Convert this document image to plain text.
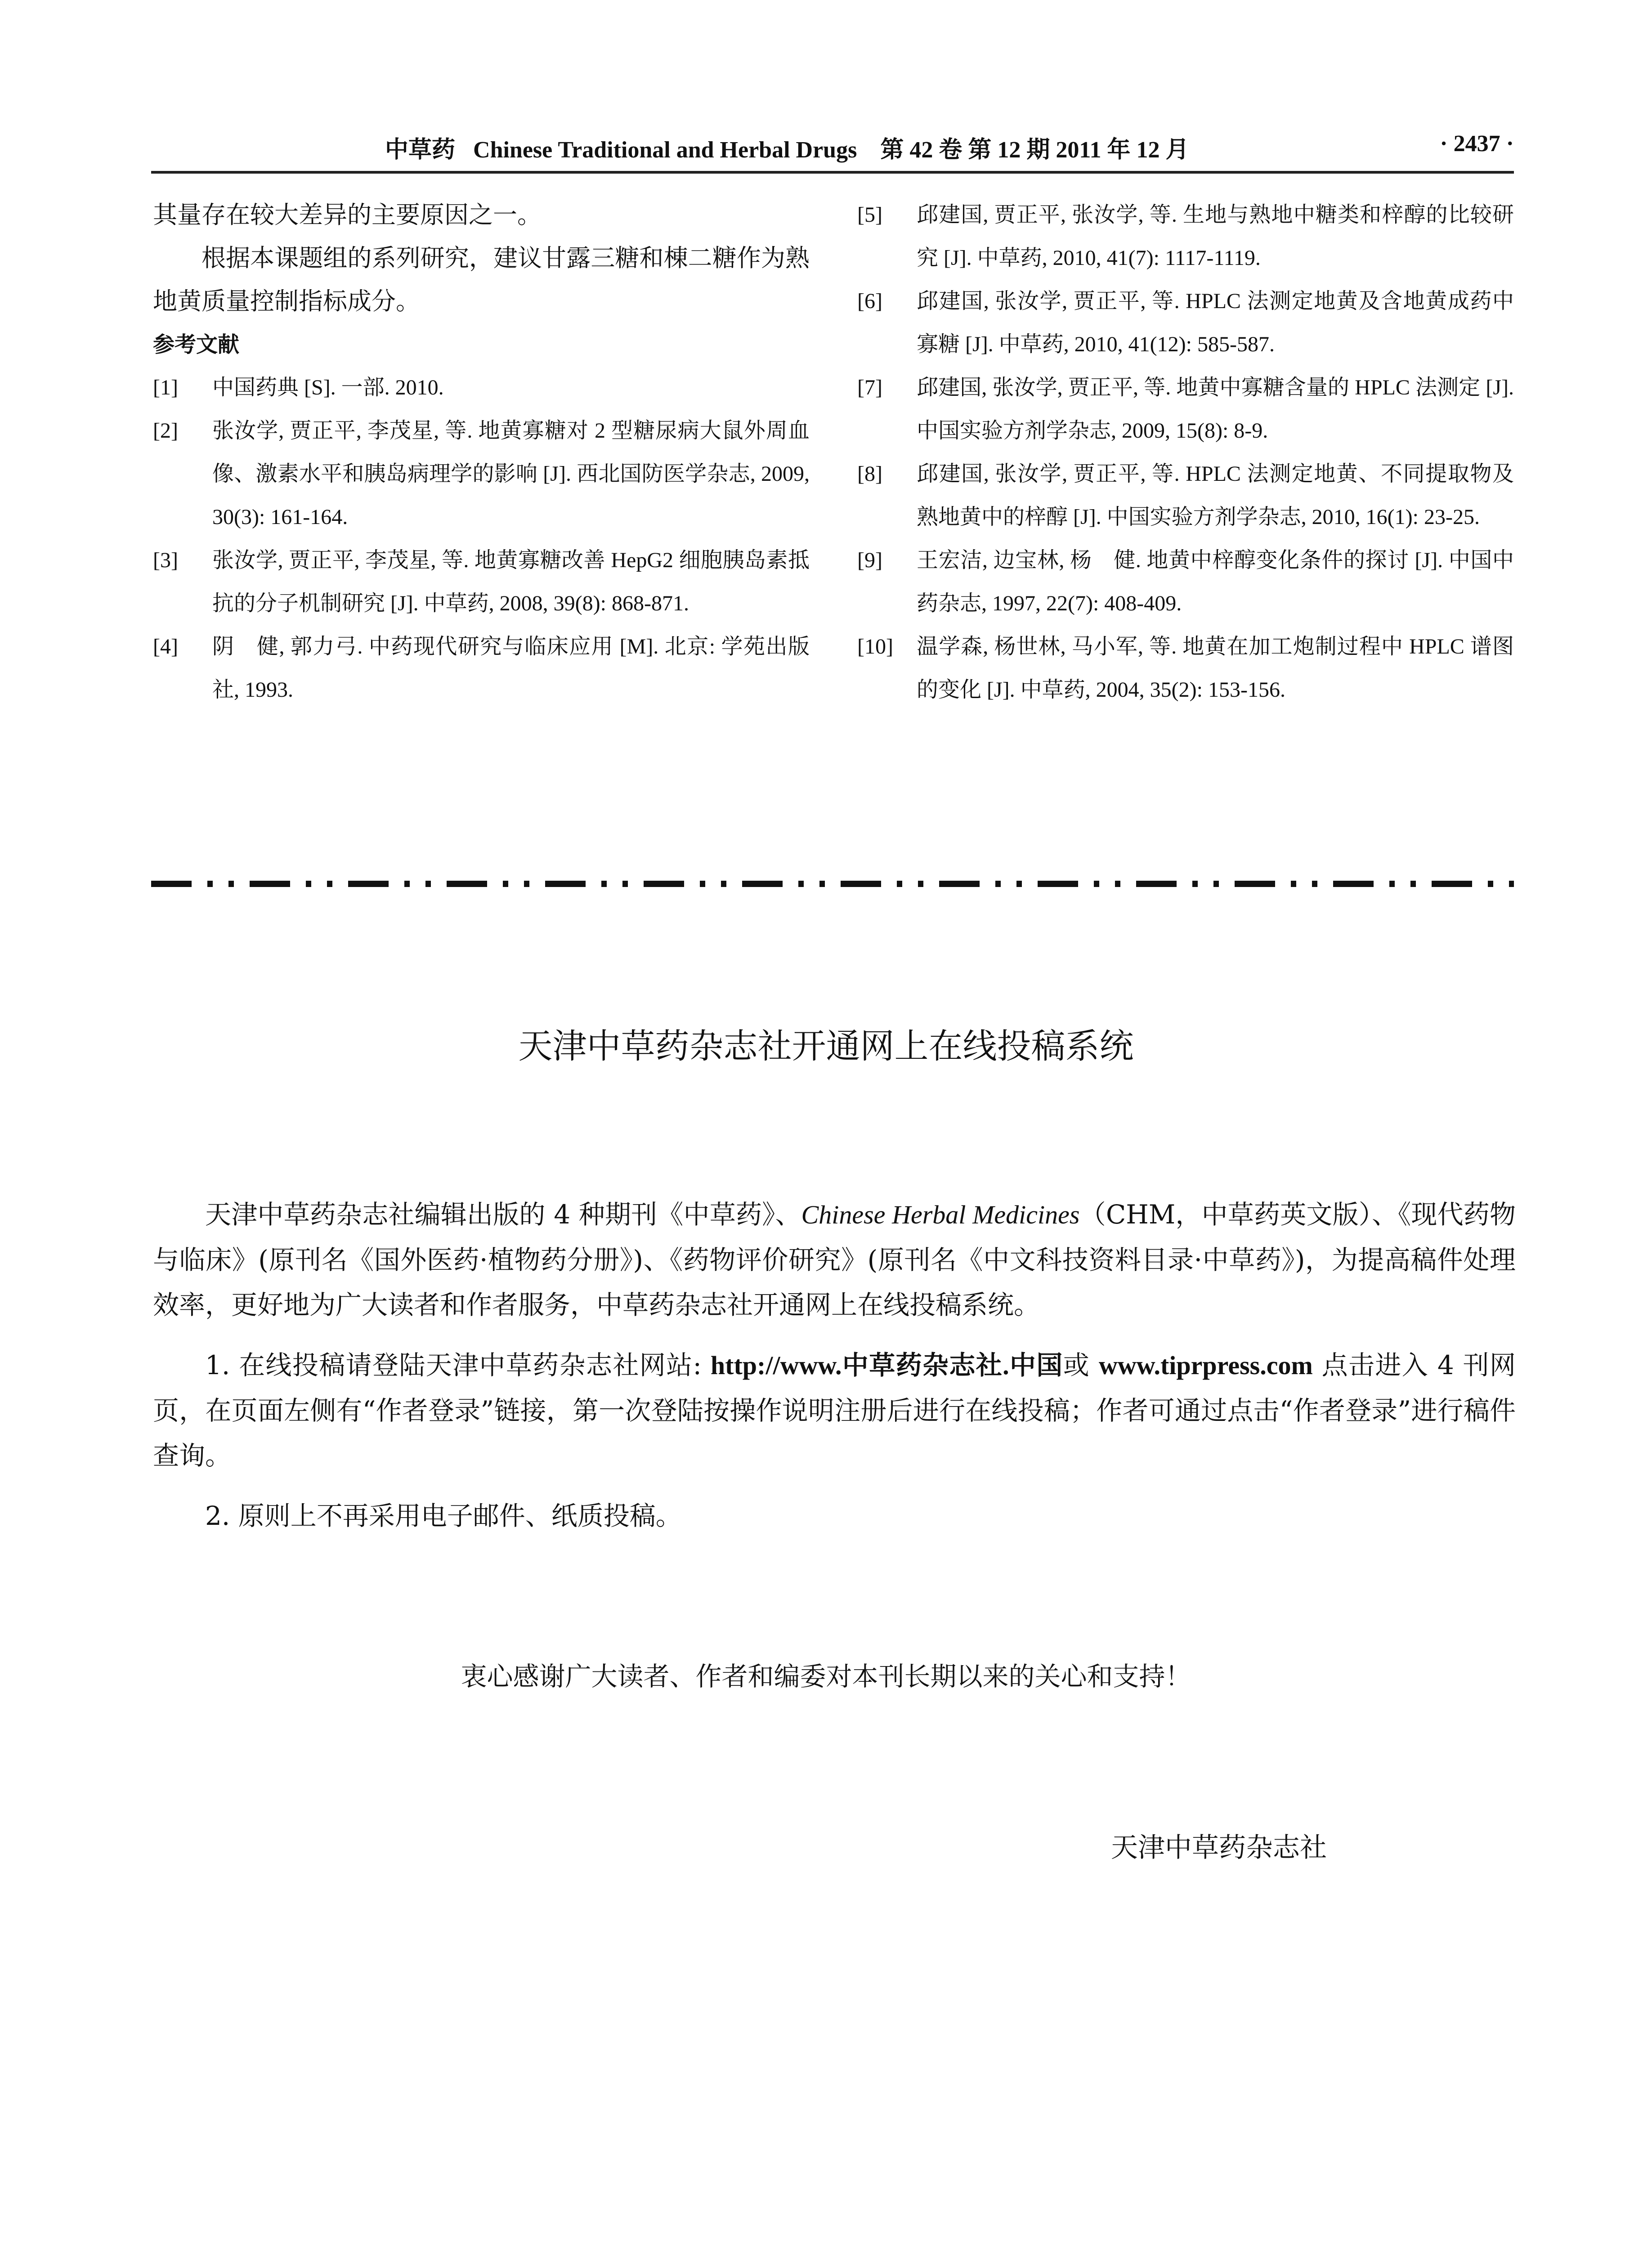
中草药 Chinese Traditional and Herbal Drugs　第 42 卷 第 12 期 2011 年 12 月	· 2437 ·

其量存在较大差异的主要原因之一。

根据本课题组的系列研究，建议甘露三糖和棟二糖作为熟地黄质量控制指标成分。

参考文献

[1] 中国药典 [S]. 一部. 2010.
[2] 张汝学, 贾正平, 李茂星, 等. 地黄寡糖对 2 型糖尿病大鼠外周血像、激素水平和胰岛病理学的影响 [J]. 西北国防医学杂志, 2009, 30(3): 161-164.
[3] 张汝学, 贾正平, 李茂星, 等. 地黄寡糖改善 HepG2 细胞胰岛素抵抗的分子机制研究 [J]. 中草药, 2008, 39(8): 868-871.
[4] 阴　健, 郭力弓. 中药现代研究与临床应用 [M]. 北京: 学苑出版社, 1993.
[5] 邱建国, 贾正平, 张汝学, 等. 生地与熟地中糖类和梓醇的比较研究 [J]. 中草药, 2010, 41(7): 1117-1119.
[6] 邱建国, 张汝学, 贾正平, 等. HPLC 法测定地黄及含地黄成药中寡糖 [J]. 中草药, 2010, 41(12): 585-587.
[7] 邱建国, 张汝学, 贾正平, 等. 地黄中寡糖含量的 HPLC 法测定 [J]. 中国实验方剂学杂志, 2009, 15(8): 8-9.
[8] 邱建国, 张汝学, 贾正平, 等. HPLC 法测定地黄、不同提取物及熟地黄中的梓醇 [J]. 中国实验方剂学杂志, 2010, 16(1): 23-25.
[9] 王宏洁, 边宝林, 杨　健. 地黄中梓醇变化条件的探讨 [J]. 中国中药杂志, 1997, 22(7): 408-409.
[10] 温学森, 杨世林, 马小军, 等. 地黄在加工炮制过程中 HPLC 谱图的变化 [J]. 中草药, 2004, 35(2): 153-156.
天津中草药杂志社开通网上在线投稿系统

天津中草药杂志社编辑出版的 4 种期刊《中草药》、Chinese Herbal Medicines（CHM，中草药英文版）、《现代药物与临床》(原刊名《国外医药·植物药分册》)、《药物评价研究》(原刊名《中文科技资料目录·中草药》)，为提高稿件处理效率，更好地为广大读者和作者服务，中草药杂志社开通网上在线投稿系统。

1. 在线投稿请登陆天津中草药杂志社网站: http://www.中草药杂志社.中国或 www.tiprpress.com 点击进入 4 刊网页，在页面左侧有“作者登录”链接，第一次登陆按操作说明注册后进行在线投稿；作者可通过点击“作者登录”进行稿件查询。

2. 原则上不再采用电子邮件、纸质投稿。

衷心感谢广大读者、作者和编委对本刊长期以来的关心和支持！
天津中草药杂志社
